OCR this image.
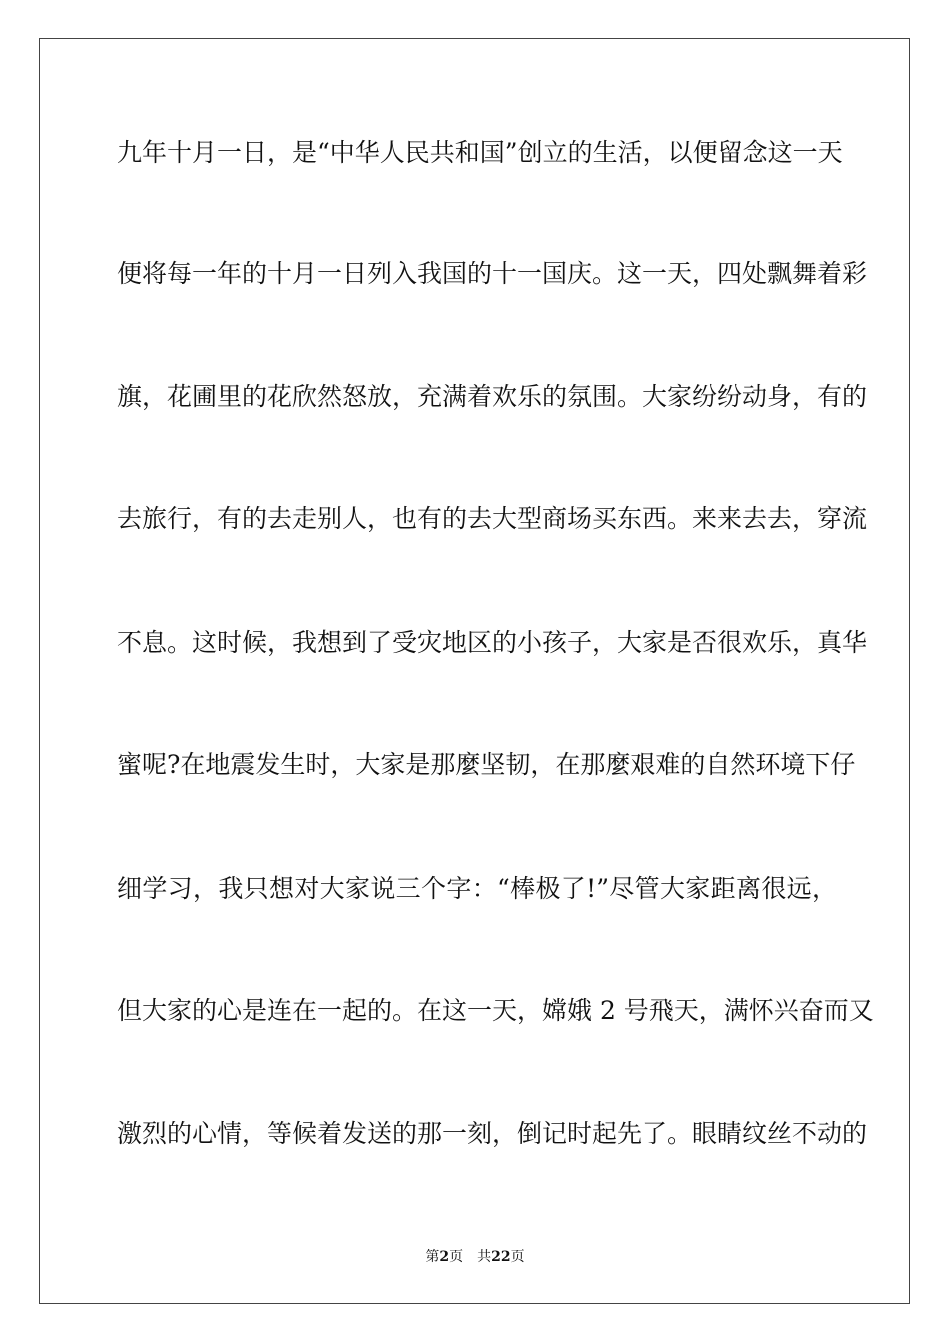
九年十月一日，是“中华人民共和国”创立的生活，以便留念这一天
便将每一年的十月一日列入我国的十一国庆。这一天，四处飘舞着彩
旗，花圃里的花欣然怒放，充满着欢乐的氛围。大家纷纷动身，有的
去旅行，有的去走别人，也有的去大型商场买东西。来来去去，穿流
不息。这时候，我想到了受灾地区的小孩子，大家是否很欢乐，真华
蜜呢?在地震发生时，大家是那麼坚韧，在那麼艰难的自然环境下仔
细学习，我只想对大家说三个字：“棒极了!”尽管大家距离很远，
但大家的心是连在一起的。在这一天，嫦娥 2 号飛天，满怀兴奋而又
激烈的心情，等候着发送的那一刻，倒记时起先了。眼睛纹丝不动的
第2页 共22页
